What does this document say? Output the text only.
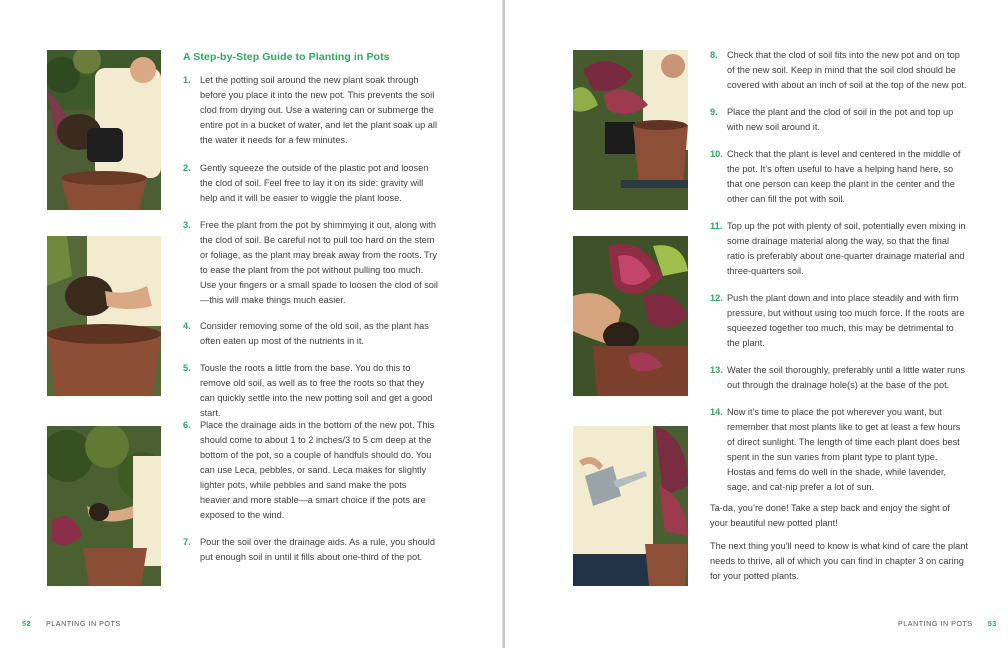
A Step-by-Step Guide to Planting in Pots
1.	Let the potting soil around the new plant soak through before you place it into the new pot. This prevents the soil clod from drying out. Use a watering can or submerge the entire pot in a bucket of water, and let the plant soak up all the water it needs for a few minutes.
2.	Gently squeeze the outside of the plastic pot and loosen the clod of soil. Feel free to lay it on its side: gravity will help and it will be easier to wiggle the plant loose.
3.	Free the plant from the pot by shimmying it out, along with the clod of soil. Be careful not to pull too hard on the stem or foliage, as the plant may break away from the roots. Try to ease the plant from the pot without pulling too much. Use your fingers or a small spade to loosen the clod of soil—this will make things much easier.
4.	Consider removing some of the old soil, as the plant has often eaten up most of the nutrients in it.
5.	Tousle the roots a little from the base. You do this to remove old soil, as well as to free the roots so that they can quickly settle into the new potting soil and get a good start.
6.	Place the drainage aids in the bottom of the new pot. This should come to about 1 to 2 inches/3 to 5 cm deep at the bottom of the pot, so a couple of handfuls should do. You can use Leca, pebbles, or sand. Leca makes for slightly lighter pots, while pebbles and sand make the pots heavier and more stable—a smart choice if the pots are exposed to the wind.
7.	Pour the soil over the drainage aids. As a rule, you should put enough soil in until it fills about one-third of the pot.
52 PLANTING IN POTS
8.	Check that the clod of soil fits into the new pot and on top of the new soil. Keep in mind that the soil clod should be covered with about an inch of soil at the top of the new pot.
9.	Place the plant and the clod of soil in the pot and top up with new soil around it.
10. Check that the plant is level and centered in the middle of the pot. It’s often useful to have a helping hand here, so that one person can keep the plant in the center and the other can fill the pot with soil.
11. Top up the pot with plenty of soil, potentially even mixing in some drainage material along the way, so that the final ratio is preferably about one-quarter drainage material and three-quarters soil.
12. Push the plant down and into place steadily and with firm pressure, but without using too much force. If the roots are squeezed together too much, this may be detrimental to the plant.
13. Water the soil thoroughly, preferably until a little water runs out through the drainage hole(s) at the base of the pot.
14. Now it’s time to place the pot wherever you want, but remember that most plants like to get at least a few hours of direct sunlight. The length of time each plant does best spent in the sun varies from plant type to plant type. Hostas and ferns do well in the shade, while lavender, sage, and cat-nip prefer a lot of sun.

Ta-da, you’re done! Take a step back and enjoy the sight of your beautiful new potted plant!

The next thing you’ll need to know is what kind of care the plant needs to thrive, all of which you can find in chapter 3 on caring for your potted plants.

PLANTING IN POTS 53
